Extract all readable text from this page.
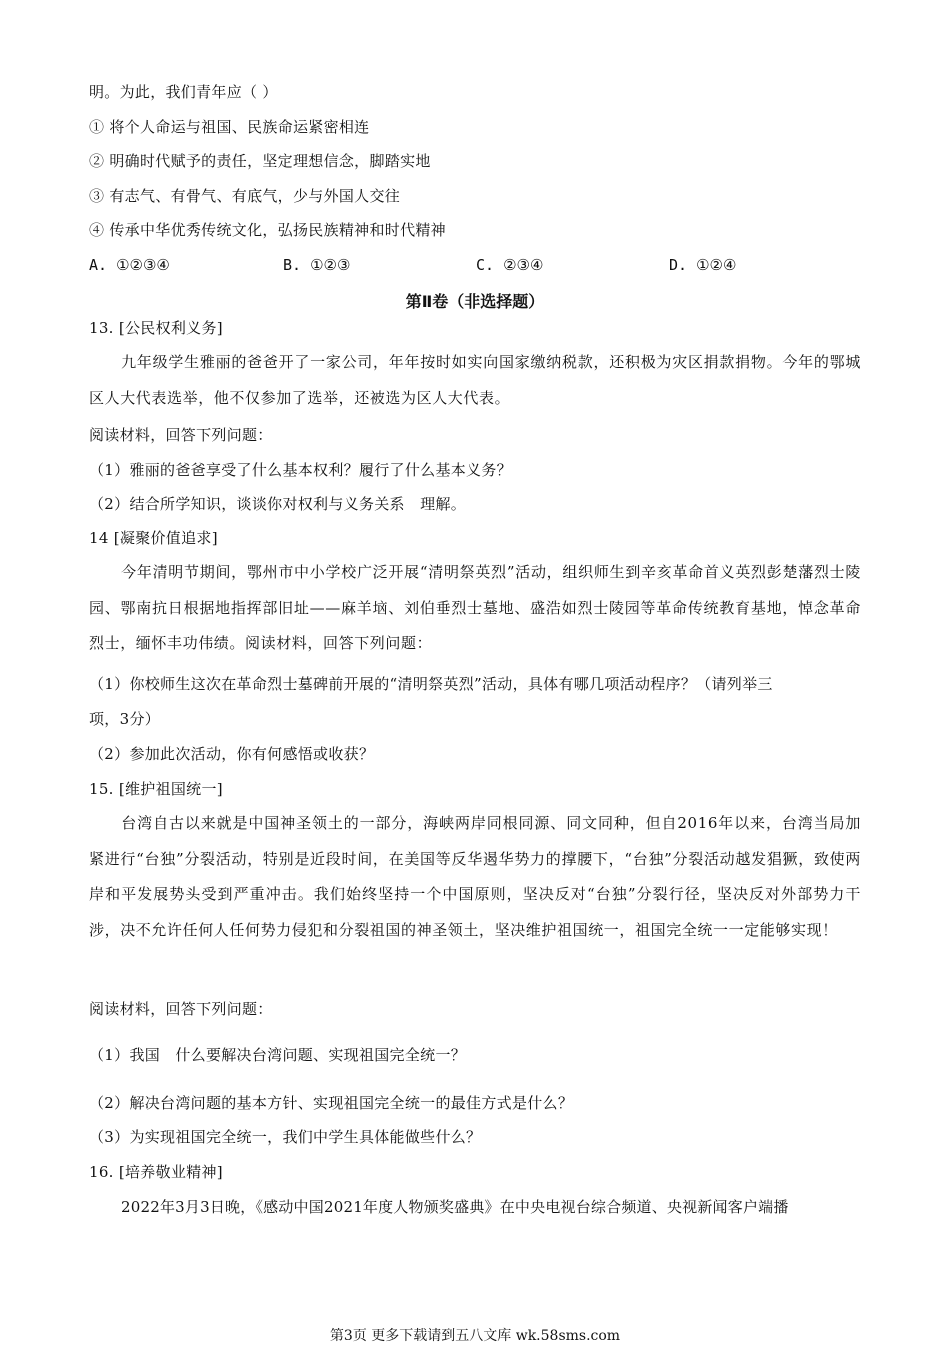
明。为此，我们青年应（ ）
① 将个人命运与祖国、民族命运紧密相连
② 明确时代赋予的责任，坚定理想信念，脚踏实地
③ 有志气、有骨气、有底气，少与外国人交往
④ 传承中华优秀传统文化，弘扬民族精神和时代精神
A. ①②③④	B. ①②③	C. ②③④	D. ①②④
第Ⅱ卷（非选择题）
13. [公民权利义务]
九年级学生雅丽的爸爸开了一家公司，年年按时如实向国家缴纳税款，还积极为灾区捐款捐物。今年的鄂城区人大代表选举，他不仅参加了选举，还被选为区人大代表。
阅读材料，回答下列问题：
（1）雅丽的爸爸享受了什么基本权利？履行了什么基本义务？
（2）结合所学知识，谈谈你对权利与义务关系　理解。
14 [凝聚价值追求]
今年清明节期间，鄂州市中小学校广泛开展“清明祭英烈”活动，组织师生到辛亥革命首义英烈彭楚藩烈士陵园、鄂南抗日根据地指挥部旧址——麻羊垴、刘伯垂烈士墓地、盛浩如烈士陵园等革命传统教育基地，悼念革命烈士，缅怀丰功伟绩。阅读材料，回答下列问题：
（1）你校师生这次在革命烈士墓碑前开展的“清明祭英烈”活动，具体有哪几项活动程序？（请列举三
项，3分）
（2）参加此次活动，你有何感悟或收获？
15. [维护祖国统一]
台湾自古以来就是中国神圣领土的一部分，海峡两岸同根同源、同文同种，但自2016年以来，台湾当局加紧进行“台独”分裂活动，特别是近段时间，在美国等反华遏华势力的撑腰下，“台独”分裂活动越发猖獗，致使两岸和平发展势头受到严重冲击。我们始终坚持一个中国原则，坚决反对“台独”分裂行径，坚决反对外部势力干涉，决不允许任何人任何势力侵犯和分裂祖国的神圣领土，坚决维护祖国统一，祖国完全统一一定能够实现！
阅读材料，回答下列问题：
（1）我国　什么要解决台湾问题、实现祖国完全统一？
（2）解决台湾问题的基本方针、实现祖国完全统一的最佳方式是什么？
（3）为实现祖国完全统一，我们中学生具体能做些什么？
16. [培养敬业精神]
2022年3月3日晚，《感动中国2021年度人物颁奖盛典》在中央电视台综合频道、央视新闻客户端播
第3页 更多下载请到五八文库 wk.58sms.com
